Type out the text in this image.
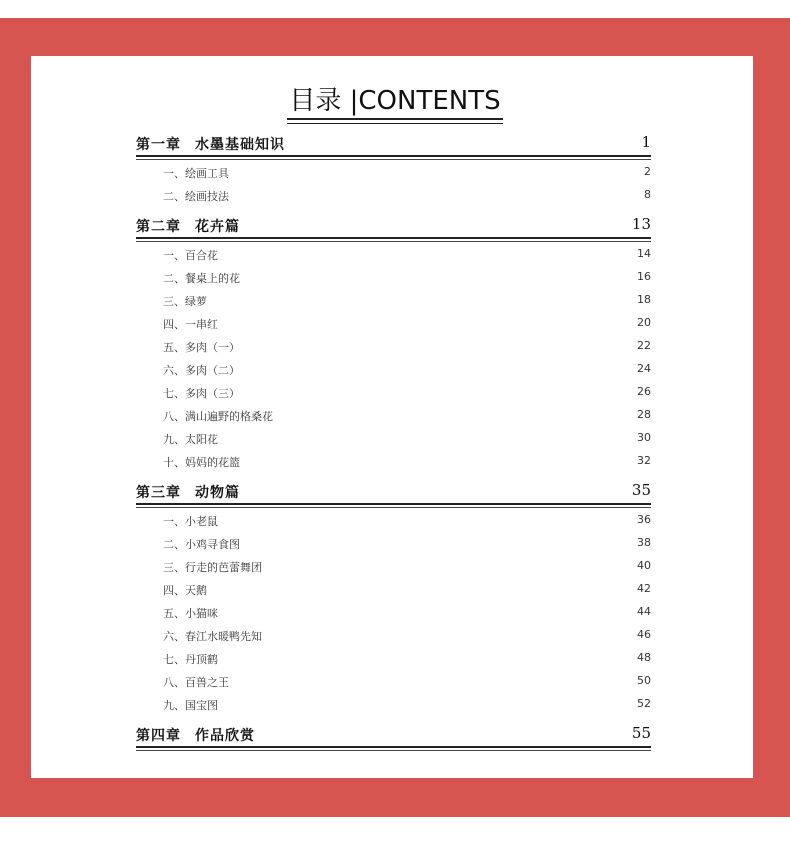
目录 |CONTENTS
第一章 水墨基础知识	1
一、绘画工具	2
二、绘画技法	8
第二章 花卉篇	13
一、百合花	14
二、餐桌上的花	16
三、绿萝	18
四、一串红	20
五、多肉（一）	22
六、多肉（二）	24
七、多肉（三）	26
八、满山遍野的格桑花	28
九、太阳花	30
十、妈妈的花篮	32
第三章 动物篇	35
一、小老鼠	36
二、小鸡寻食图	38
三、行走的芭蕾舞团	40
四、天鹅	42
五、小猫咪	44
六、春江水暖鸭先知	46
七、丹顶鹤	48
八、百兽之王	50
九、国宝图	52
第四章 作品欣赏	55
